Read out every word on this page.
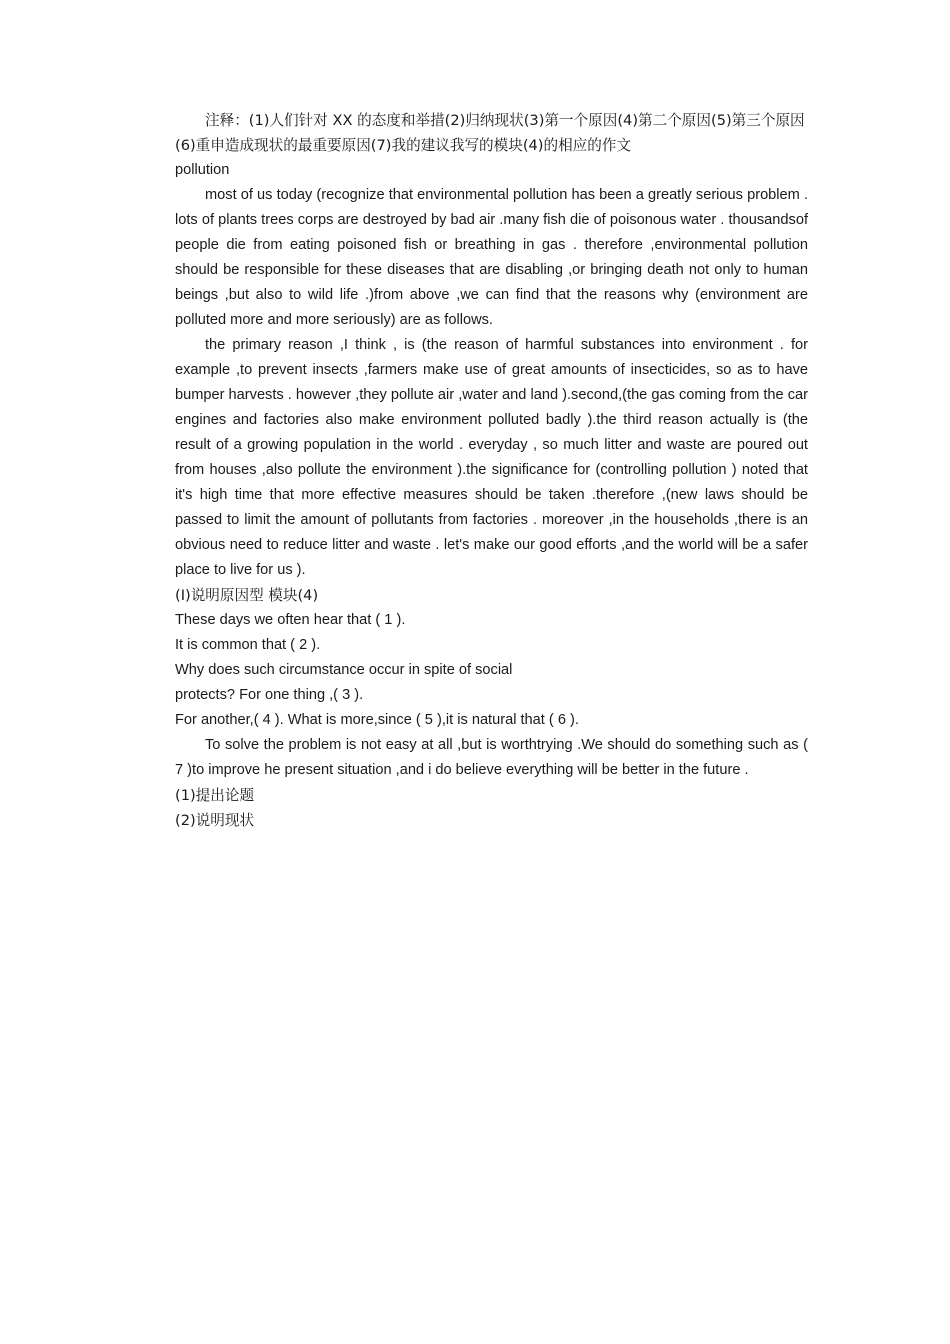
注释：(1)人们针对 XX 的态度和举措(2)归纳现状(3)第一个原因(4)第二个原因(5)第三个原因

(6)重申造成现状的最重要原因(7)我的建议我写的模块(4)的相应的作文

pollution

most of us today (recognize that environmental pollution has been a greatly serious problem . lots of plants trees corps are destroyed by bad air .many fish die of poisonous water . thousandsof people die from eating poisoned fish or breathing in gas . therefore ,environmental pollution should be responsible for these diseases that are disabling ,or bringing death not only to human beings ,but also to wild life .)from above ,we can find that the reasons why (environment are polluted more and more seriously) are as follows.

the primary reason ,I think , is (the reason of harmful substances into environment . for example ,to prevent insects ,farmers make use of great amounts of insecticides, so as to have bumper harvests . however ,they pollute air ,water and land ).second,(the gas coming from the car engines and factories also make environment polluted badly ).the third reason actually is (the result of a growing population in the world . everyday , so much litter and waste are poured out from houses ,also pollute the environment ).the significance for (controlling pollution ) noted that it's high time that more effective measures should be taken .therefore ,(new laws should be passed to limit the amount of pollutants from factories . moreover ,in the households ,there is an obvious need to reduce litter and waste . let's make our good efforts ,and the world will be a safer place to live for us ).

(I)说明原因型 模块(4)

These days we often hear that ( 1 ).

It is common that ( 2 ).

Why does such circumstance occur in spite of social

protects? For one thing ,( 3 ).

For another,( 4 ). What is more,since ( 5 ),it is natural that ( 6 ).

To solve the problem is not easy at all ,but is worthtrying .We should do something such as ( 7 )to improve he present situation ,and i do believe everything will be better in the future .

(1)提出论题

(2)说明现状
